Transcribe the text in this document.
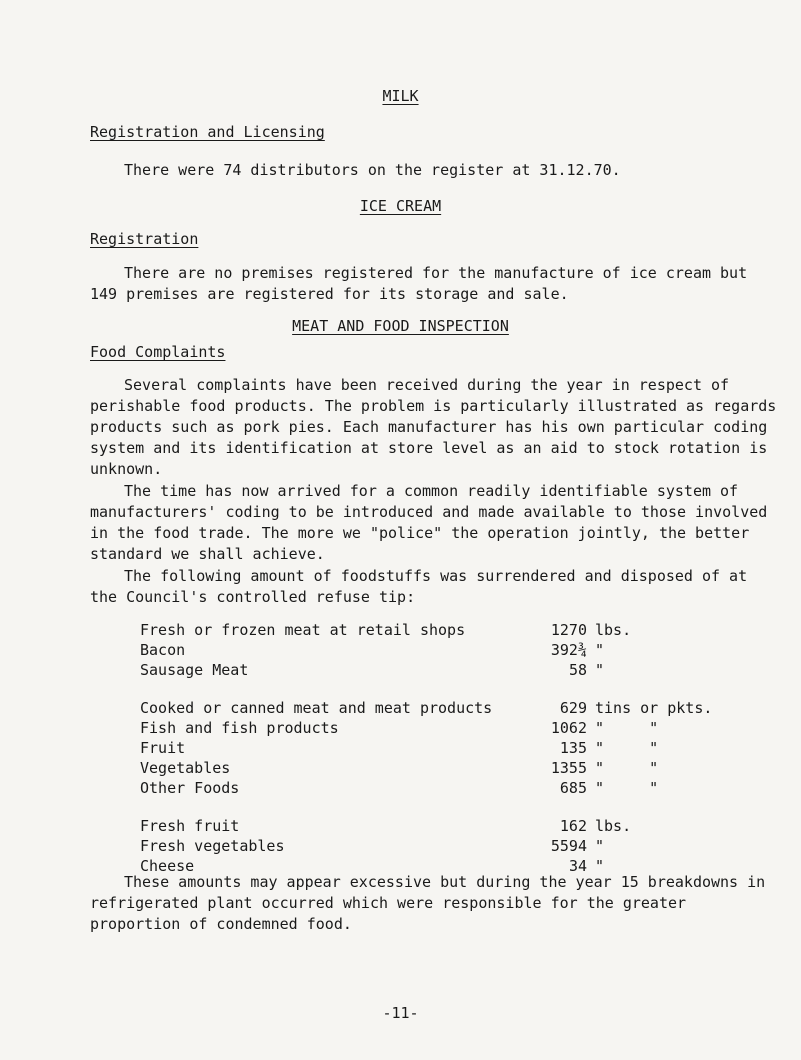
MILK
Registration and Licensing
There were 74 distributors on the register at 31.12.70.
ICE CREAM
Registration
There are no premises registered for the manufacture of ice cream but 149 premises are registered for its storage and sale.
MEAT AND FOOD INSPECTION
Food Complaints
Several complaints have been received during the year in respect of perishable food products. The problem is particularly illustrated as regards products such as pork pies. Each manufacturer has his own particular coding system and its identification at store level as an aid to stock rotation is unknown.
The time has now arrived for a common readily identifiable system of manufacturers' coding to be introduced and made available to those involved in the food trade. The more we "police" the operation jointly, the better standard we shall achieve.
The following amount of foodstuffs was surrendered and disposed of at the Council's controlled refuse tip:
Fresh or frozen meat at retail shops	1270 lbs.
Bacon	392¾ "
Sausage Meat	58 "
Cooked or canned meat and meat products	629 tins or pkts.
Fish and fish products	1062 "     "
Fruit	135 "     "
Vegetables	1355 "     "
Other Foods	685 "     "
Fresh fruit	162 lbs.
Fresh vegetables	5594 "
Cheese	34 "
These amounts may appear excessive but during the year 15 breakdowns in refrigerated plant occurred which were responsible for the greater proportion of condemned food.
-11-
